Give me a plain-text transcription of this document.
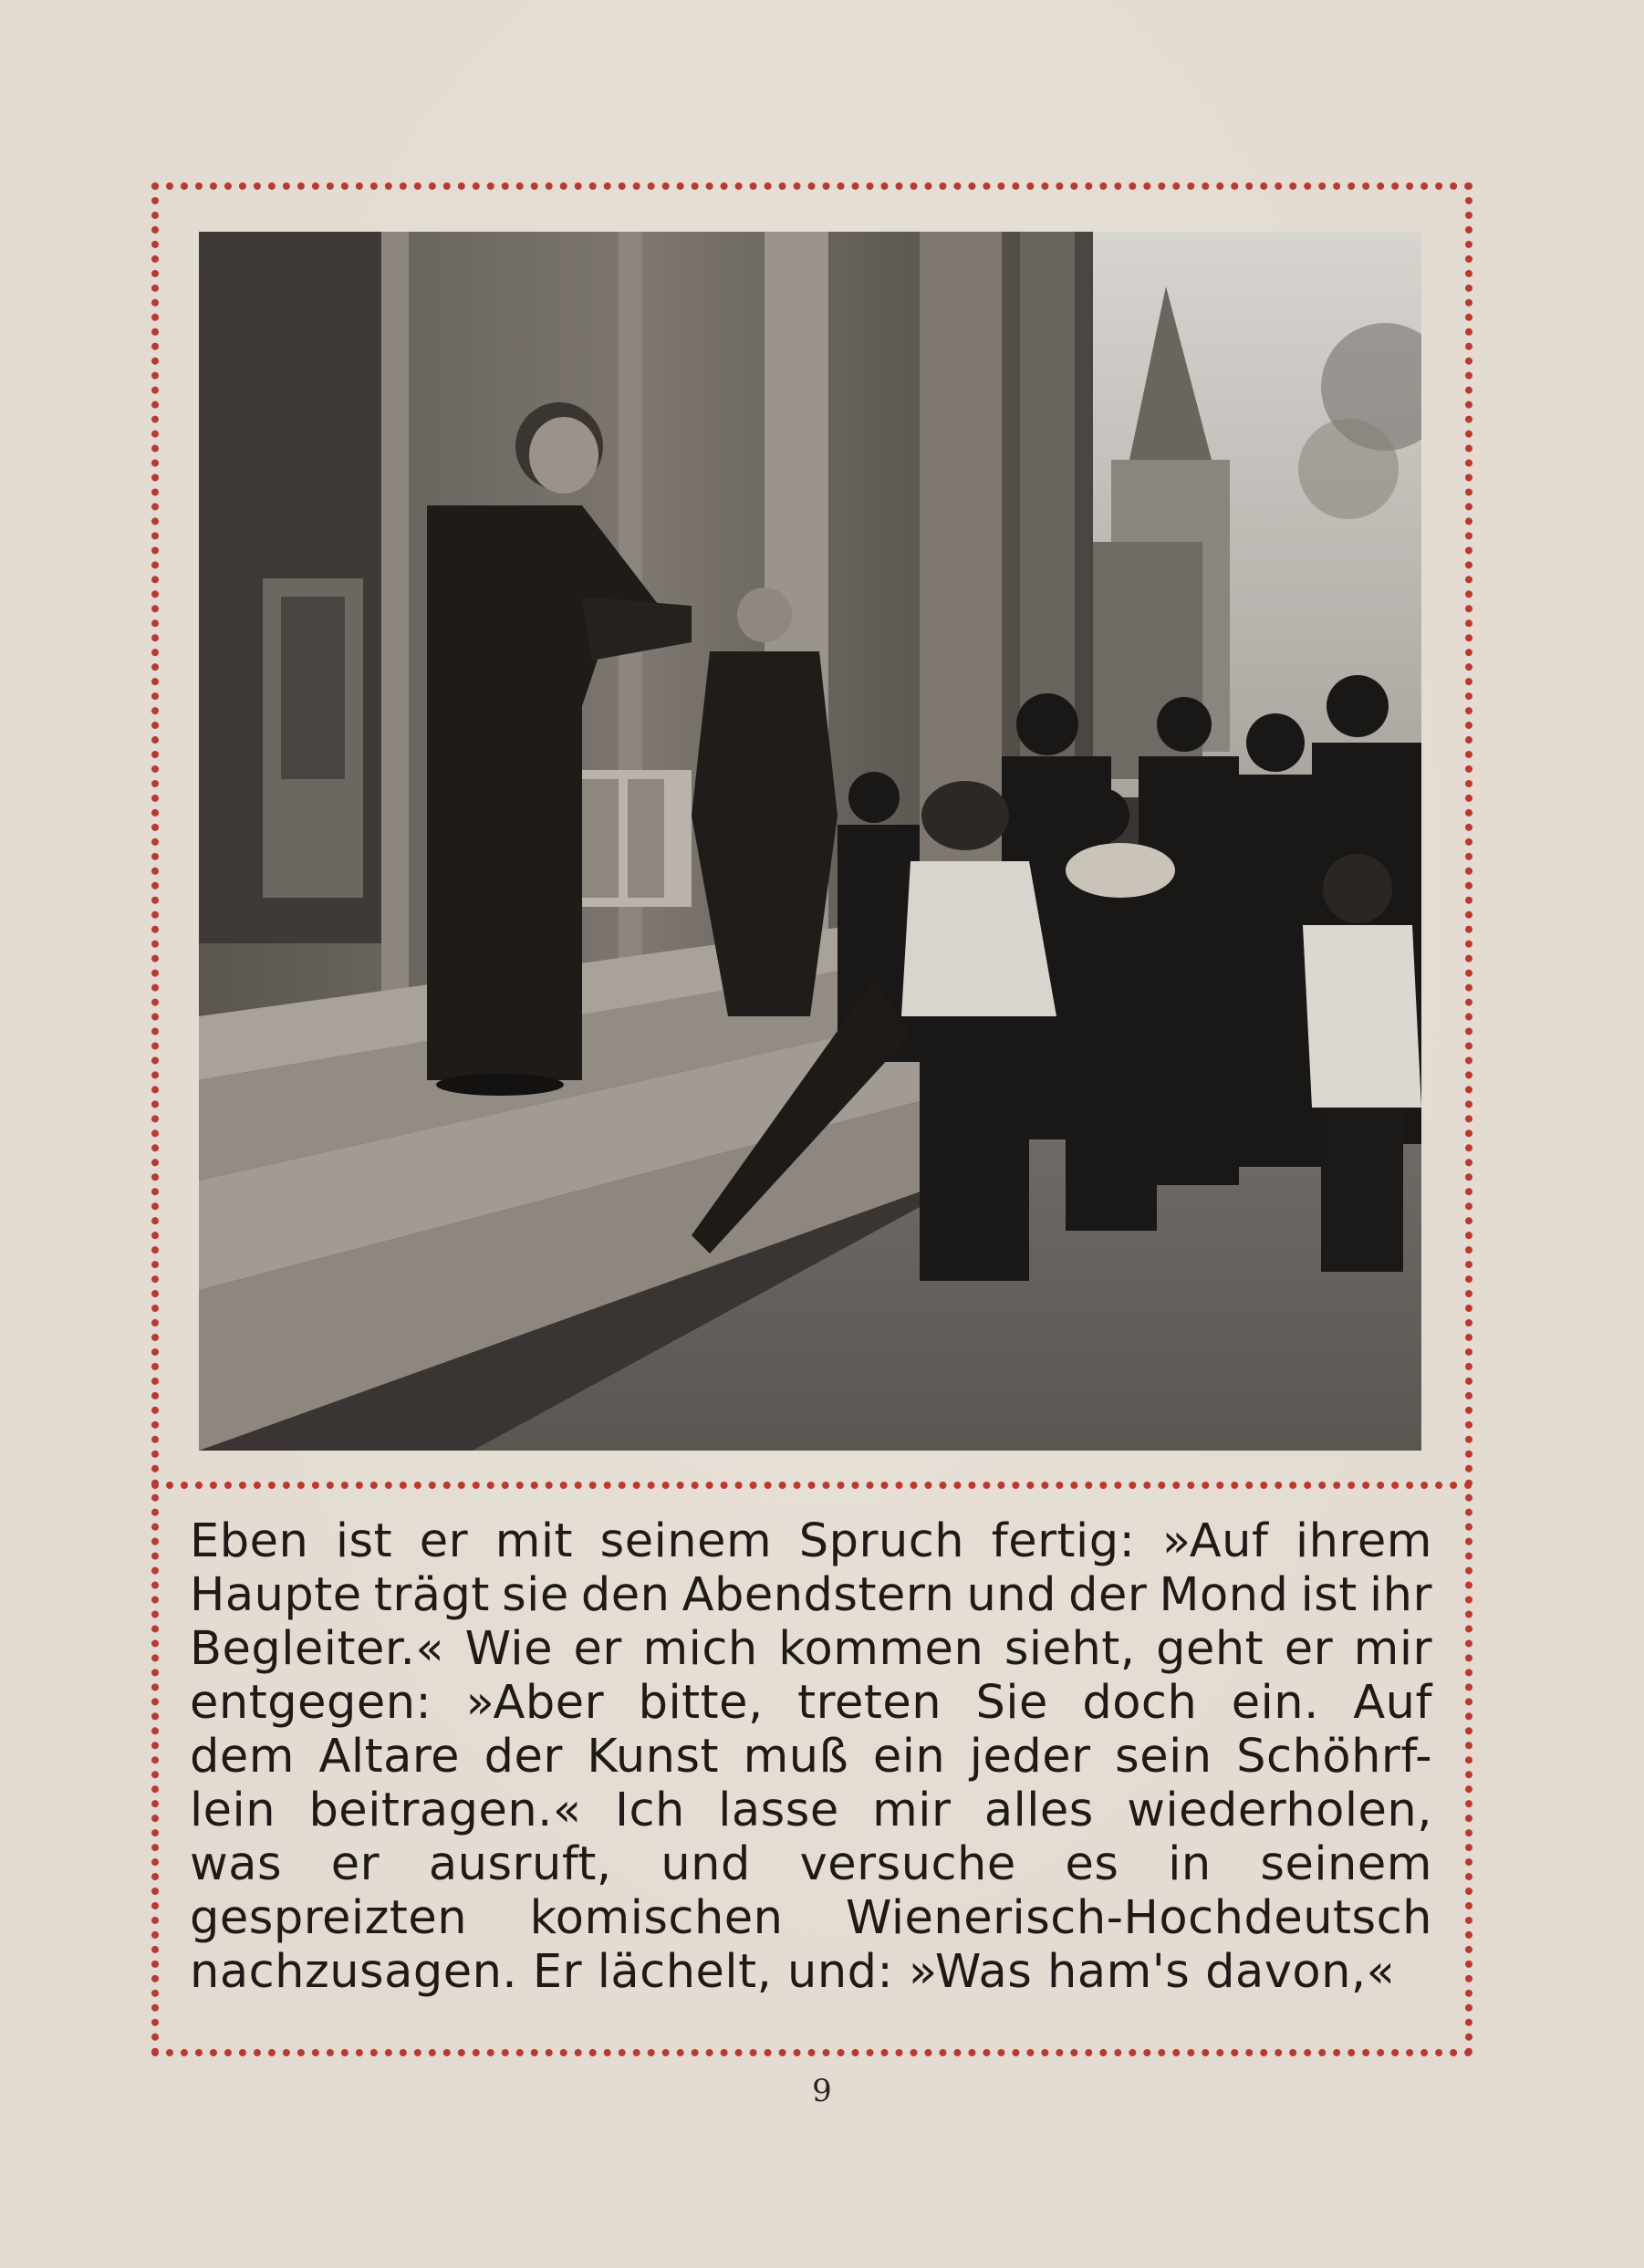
Eben ist er mit seinem Spruch fertig: »Auf ihrem
Haupte trägt sie den Abendstern und der Mond ist ihr
Begleiter.« Wie er mich kommen sieht, geht er mir
entgegen: »Aber bitte, treten Sie doch ein. Auf
dem Altare der Kunst muß ein jeder sein Schöhrf-
lein beitragen.« Ich lasse mir alles wiederholen,
was er ausruft, und versuche es in seinem
gespreizten komischen Wienerisch-Hochdeutsch
nachzusagen. Er lächelt, und: »Was ham's davon,«
9
